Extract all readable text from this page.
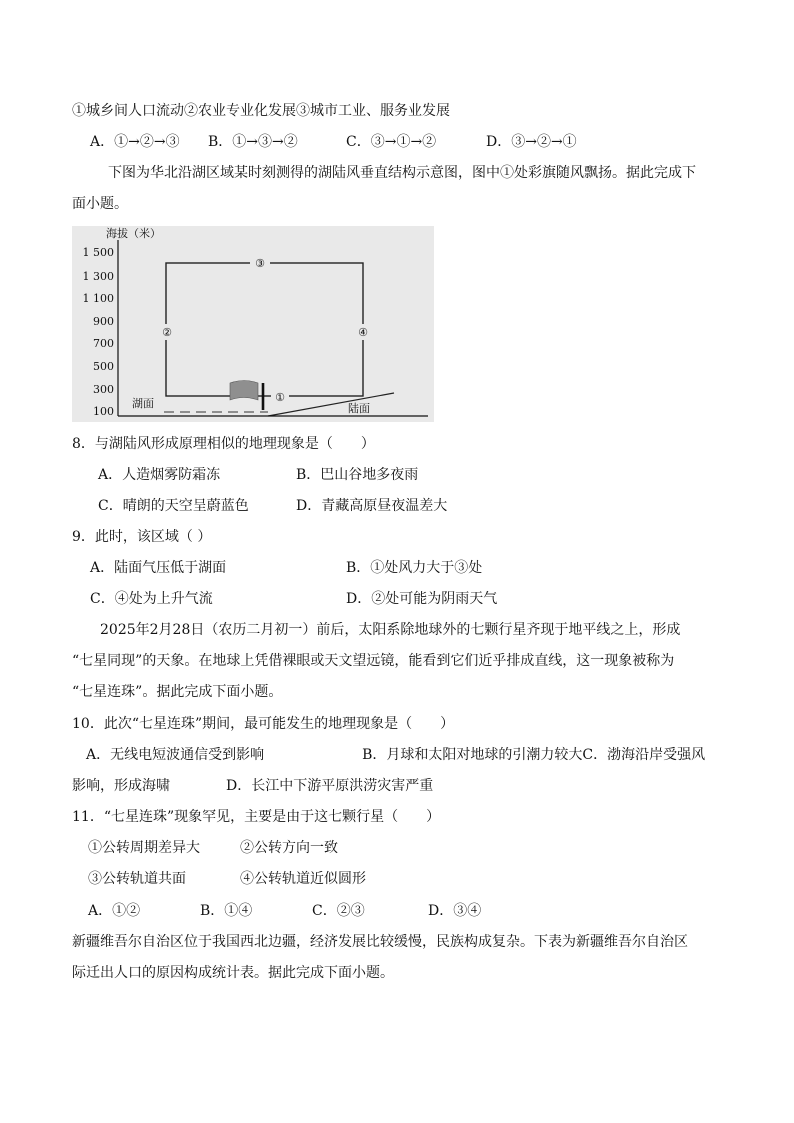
①城乡间人口流动②农业专业化发展③城市工业、服务业发展
A．①→②→③ B．①→③→②	C．③→①→②	D．③→②→①
下图为华北沿湖区域某时刻测得的湖陆风垂直结构示意图，图中①处彩旗随风飘扬。据此完成下
面小题。
海拔（米）
1 500
1 300
1 100
900
700
500
300
100
③
②	④
①
湖面	陆面
8．与湖陆风形成原理相似的地理现象是（　　）
A．人造烟雾防霜冻	B．巴山谷地多夜雨
C．晴朗的天空呈蔚蓝色	D．青藏高原昼夜温差大
9．此时，该区域（ ）
A．陆面气压低于湖面	B．①处风力大于③处
C．④处为上升气流	D．②处可能为阴雨天气
2025年2月28日（农历二月初一）前后，太阳系除地球外的七颗行星齐现于地平线之上，形成
“七星同现”的天象。在地球上凭借裸眼或天文望远镜，能看到它们近乎排成直线，这一现象被称为
“七星连珠”。据此完成下面小题。
10．此次“七星连珠”期间，最可能发生的地理现象是（　　）
A．无线电短波通信受到影响　　　　　　　B．月球和太阳对地球的引潮力较大C．渤海沿岸受强风
影响，形成海啸　　　　D．长江中下游平原洪涝灾害严重
11．“七星连珠”现象罕见，主要是由于这七颗行星（　　）
①公转周期差异大	②公转方向一致
③公转轨道共面	④公转轨道近似圆形
A．①②	B．①④	C．②③	D．③④
新疆维吾尔自治区位于我国西北边疆，经济发展比较缓慢，民族构成复杂。下表为新疆维吾尔自治区
际迁出人口的原因构成统计表。据此完成下面小题。
